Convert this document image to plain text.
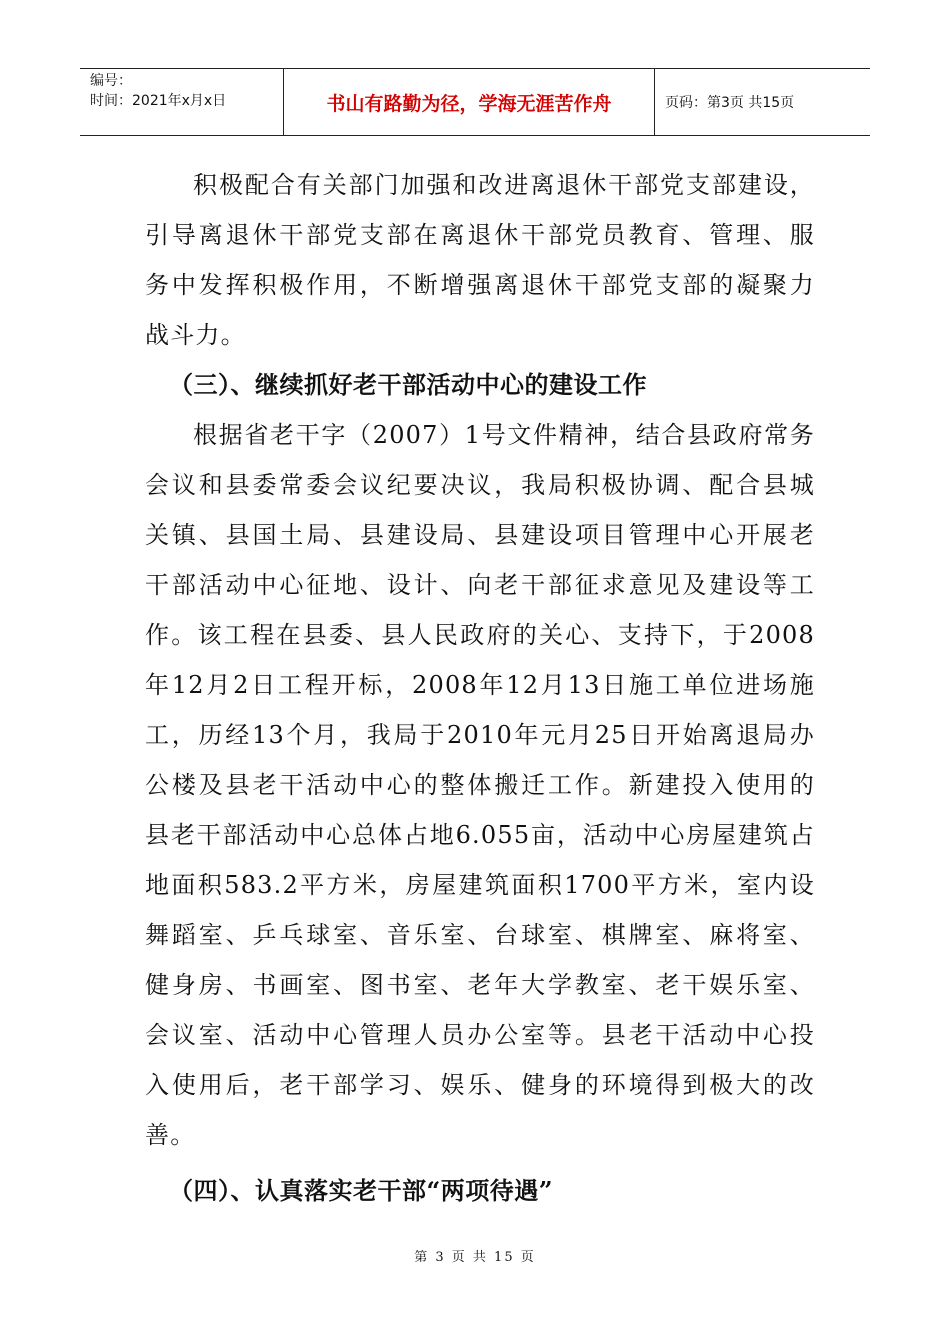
编号：
时间：2021年x月x日	书山有路勤为径，学海无涯苦作舟	页码：第3页 共15页
积极配合有关部门加强和改进离退休干部党支部建设，
引导离退休干部党支部在离退休干部党员教育、管理、服
务中发挥积极作用，不断增强离退休干部党支部的凝聚力
战斗力。
（三）、继续抓好老干部活动中心的建设工作
根据省老干字（2007）1号文件精神，结合县政府常务
会议和县委常委会议纪要决议，我局积极协调、配合县城
关镇、县国土局、县建设局、县建设项目管理中心开展老
干部活动中心征地、设计、向老干部征求意见及建设等工
作。该工程在县委、县人民政府的关心、支持下，于2008
年12月2日工程开标，2008年12月13日施工单位进场施
工，历经13个月，我局于2010年元月25日开始离退局办
公楼及县老干活动中心的整体搬迁工作。新建投入使用的
县老干部活动中心总体占地6.055亩，活动中心房屋建筑占
地面积583.2平方米，房屋建筑面积1700平方米，室内设
舞蹈室、乒乓球室、音乐室、台球室、棋牌室、麻将室、
健身房、书画室、图书室、老年大学教室、老干娱乐室、
会议室、活动中心管理人员办公室等。县老干活动中心投
入使用后，老干部学习、娱乐、健身的环境得到极大的改
善。
（四）、认真落实老干部“两项待遇”
第 3 页 共 15 页
